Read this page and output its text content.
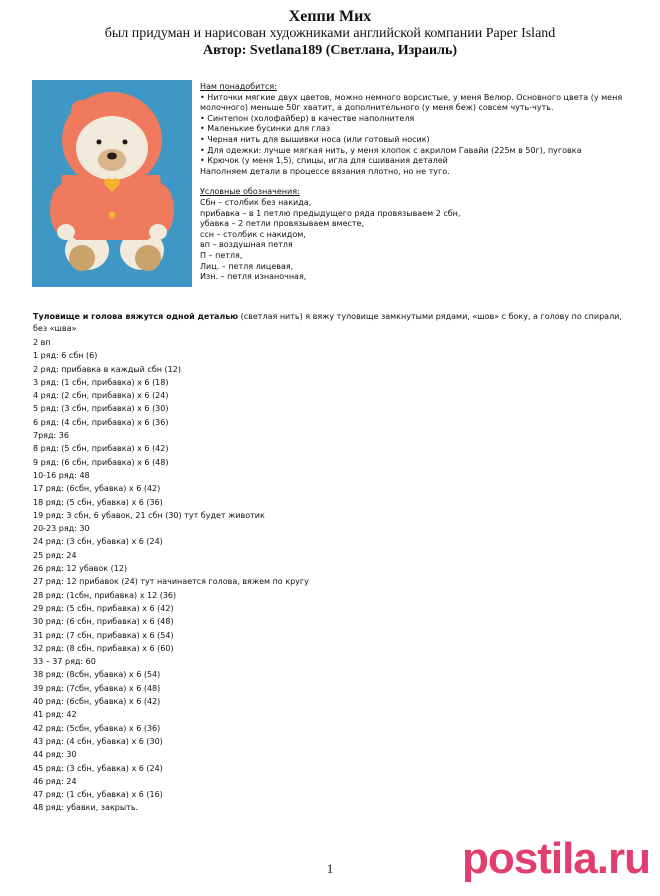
Хеппи Мих
был придуман и нарисован художниками английской компании Paper Island
Автор: Svetlana189 (Светлана, Израиль)
Нам понадобится:
• Ниточки мягкие двух цветов, можно немного ворсистые, у меня Велюр. Основного цвета (у меня
молочного) меньше 50г хватит, а дополнительного (у меня беж) совсем чуть-чуть.
• Синтепон (холофайбер) в качестве наполнителя
• Маленькие бусинки для глаз
• Черная нить для вышивки носа (или готовый носик)
• Для одежки: лучше мягкая нить, у меня хлопок с акрилом Гавайи (225м в 50г), пуговка
• Крючок (у меня 1,5), спицы, игла для сшивания деталей
Наполняем детали в процессе вязания плотно, но не туго.
Условные обозначения:
Сбн – столбик без накида,
прибавка – в 1 петлю предыдущего ряда провязываем 2 сбн,
убавка – 2 петли провязываем вместе,
ссн – столбик с накидом,
вп – воздушная петля
П – петля,
Лиц. – петля лицевая,
Изн. – петля изнаночная,
Туловище и голова вяжутся одной деталью (светлая нить) я вяжу туловище замкнутыми рядами, «шов» с боку, а голову по спирали, без «шва»
2 вп
1 ряд: 6 сбн (6)
2 ряд: прибавка в каждый сбн (12)
3 ряд: (1 сбн, прибавка) х 6 (18)
4 ряд: (2 сбн, прибавка) х 6 (24)
5 ряд: (3 сбн, прибавка) х 6 (30)
6 ряд: (4 сбн, прибавка) х 6 (36)
7ряд: 36
8 ряд: (5 сбн, прибавка) х 6 (42)
9 ряд: (6 сбн, прибавка) х 6 (48)
10-16 ряд: 48
17 ряд: (6сбн, убавка) х 6 (42)
18 ряд: (5 сбн, убавка) х 6 (36)
19 ряд: 3 сбн, 6 убавок, 21 сбн (30) тут будет животик
20-23 ряд: 30
24 ряд: (3 сбн, убавка) х 6 (24)
25 ряд: 24
26 ряд: 12 убавок (12)
27 ряд: 12 прибавок (24) тут начинается голова, вяжем по кругу
28 ряд: (1сбн, прибавка) х 12 (36)
29 ряд: (5 сбн, прибавка) х 6 (42)
30 ряд: (6 сбн, прибавка) х 6 (48)
31 ряд: (7 сбн, прибавка) х 6 (54)
32 ряд: (8 сбн, прибавка) х 6 (60)
33 – 37 ряд: 60
38 ряд: (8сбн, убавка) х 6 (54)
39 ряд: (7сбн, убавка) х 6 (48)
40 ряд: (6сбн, убавка) х 6 (42)
41 ряд: 42
42 ряд: (5сбн, убавка) х 6 (36)
43 ряд: (4 сбн, убавка) х 6 (30)
44 ряд: 30
45 ряд: (3 сбн, убавка) х 6 (24)
46 ряд: 24
47 ряд: (1 сбн, убавка) х 6 (16)
48 ряд: убавки, закрыть.
1	postila.ru
